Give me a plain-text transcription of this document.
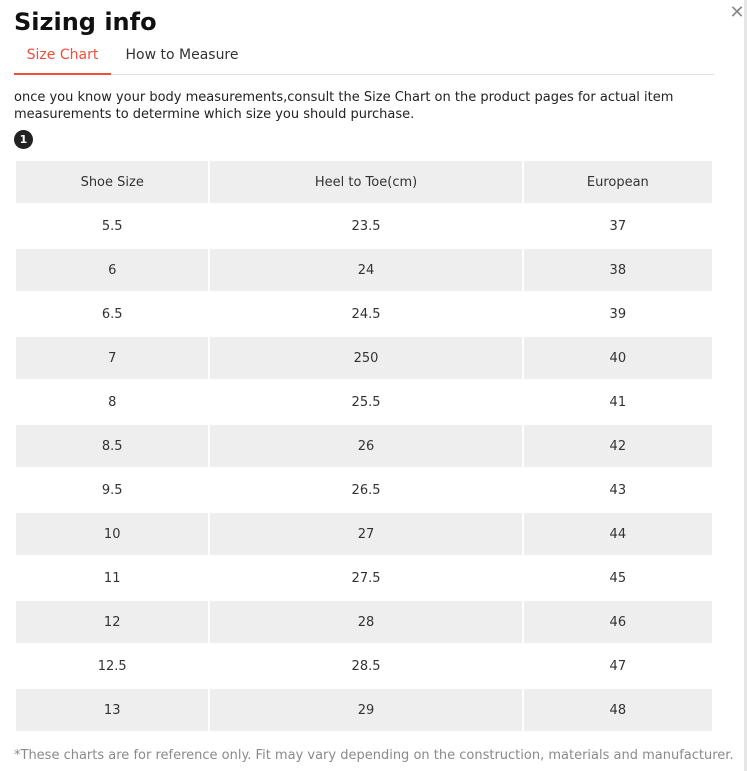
✕
Sizing info
Size Chart	How to Measure

once you know your body measurements,consult the Size Chart on the product pages for actual item measurements to determine which size you should purchase.

1
Shoe Size	Heel to Toe(cm)	European
5.5	23.5	37
6	24	38
6.5	24.5	39
7	250	40
8	25.5	41
8.5	26	42
9.5	26.5	43
10	27	44
11	27.5	45
12	28	46
12.5	28.5	47
13	29	48

*These charts are for reference only. Fit may vary depending on the construction, materials and manufacturer.
